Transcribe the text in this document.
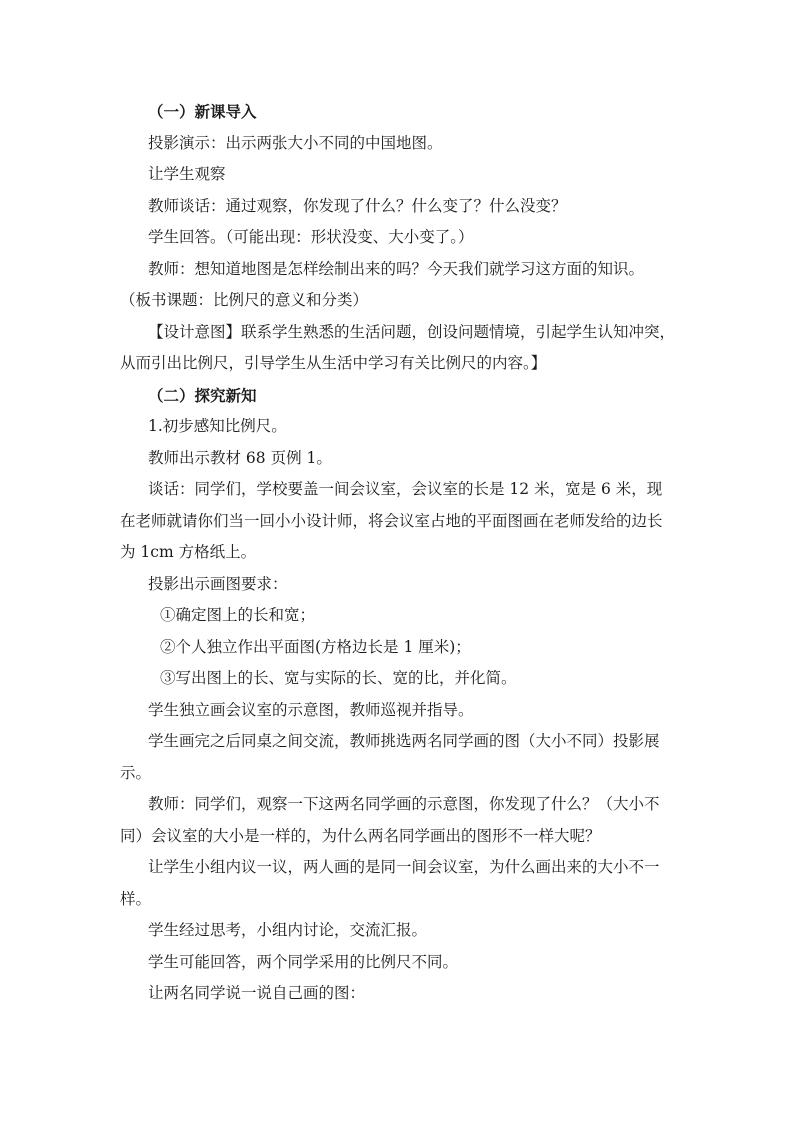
（一）新课导入
投影演示：出示两张大小不同的中国地图。
让学生观察
教师谈话：通过观察，你发现了什么？什么变了？什么没变？
学生回答。（可能出现：形状没变、大小变了。）
教师：想知道地图是怎样绘制出来的吗？今天我们就学习这方面的知识。
（板书课题：比例尺的意义和分类）
【设计意图】联系学生熟悉的生活问题，创设问题情境，引起学生认知冲突，
从而引出比例尺，引导学生从生活中学习有关比例尺的内容。】
（二）探究新知
1.初步感知比例尺。
教师出示教材 68 页例 1。
谈话：同学们，学校要盖一间会议室，会议室的长是 12 米，宽是 6 米，现
在老师就请你们当一回小小设计师，将会议室占地的平面图画在老师发给的边长
为 1cm 方格纸上。
投影出示画图要求：
①确定图上的长和宽；
②个人独立作出平面图(方格边长是 1 厘米)；
③写出图上的长、宽与实际的长、宽的比，并化简。
学生独立画会议室的示意图，教师巡视并指导。
学生画完之后同桌之间交流，教师挑选两名同学画的图（大小不同）投影展
示。
教师：同学们，观察一下这两名同学画的示意图，你发现了什么？（大小不
同）会议室的大小是一样的，为什么两名同学画出的图形不一样大呢？
让学生小组内议一议，两人画的是同一间会议室，为什么画出来的大小不一
样。
学生经过思考，小组内讨论，交流汇报。
学生可能回答，两个同学采用的比例尺不同。
让两名同学说一说自己画的图：
